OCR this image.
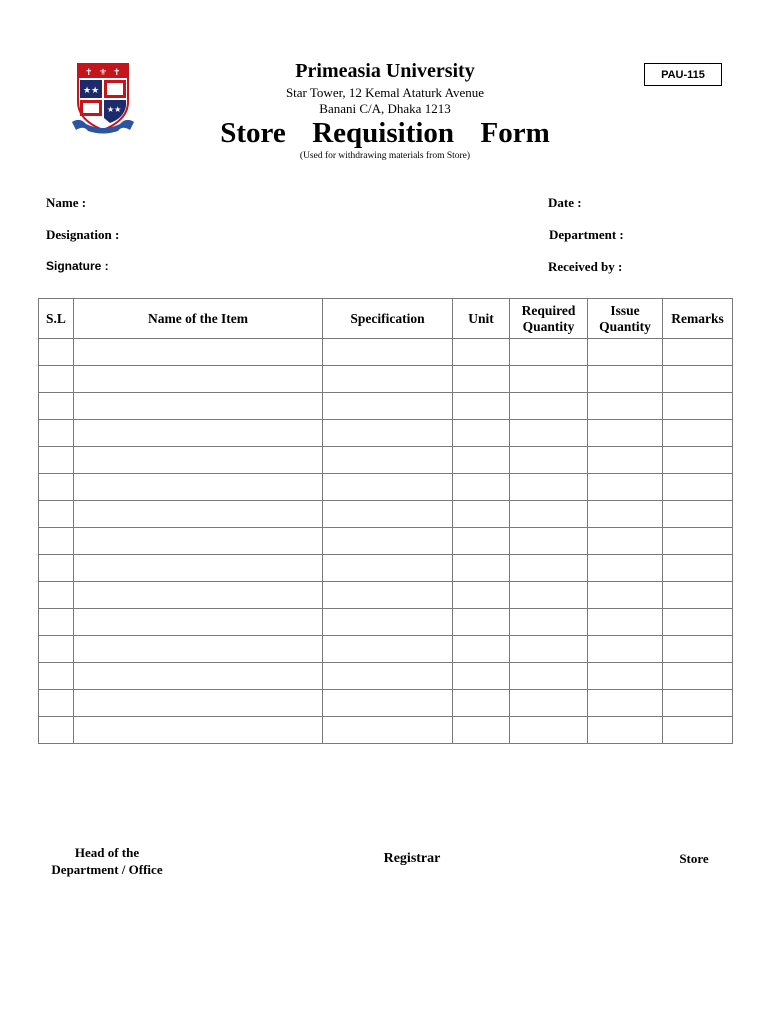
✝ ⚜ ✝
★★
★★
Primeasia University
Star Tower, 12 Kemal Ataturk Avenue
Banani C/A, Dhaka 1213
Store  Requisition  Form
(Used for withdrawing materials from Store)
PAU-115
Name :	Date :
Designation :	Department :
Signature :	Received by :
S.L	Name of the Item	Specification	Unit	Required Quantity	Issue Quantity	Remarks

Head of the
Department / Office
Registrar	Store
